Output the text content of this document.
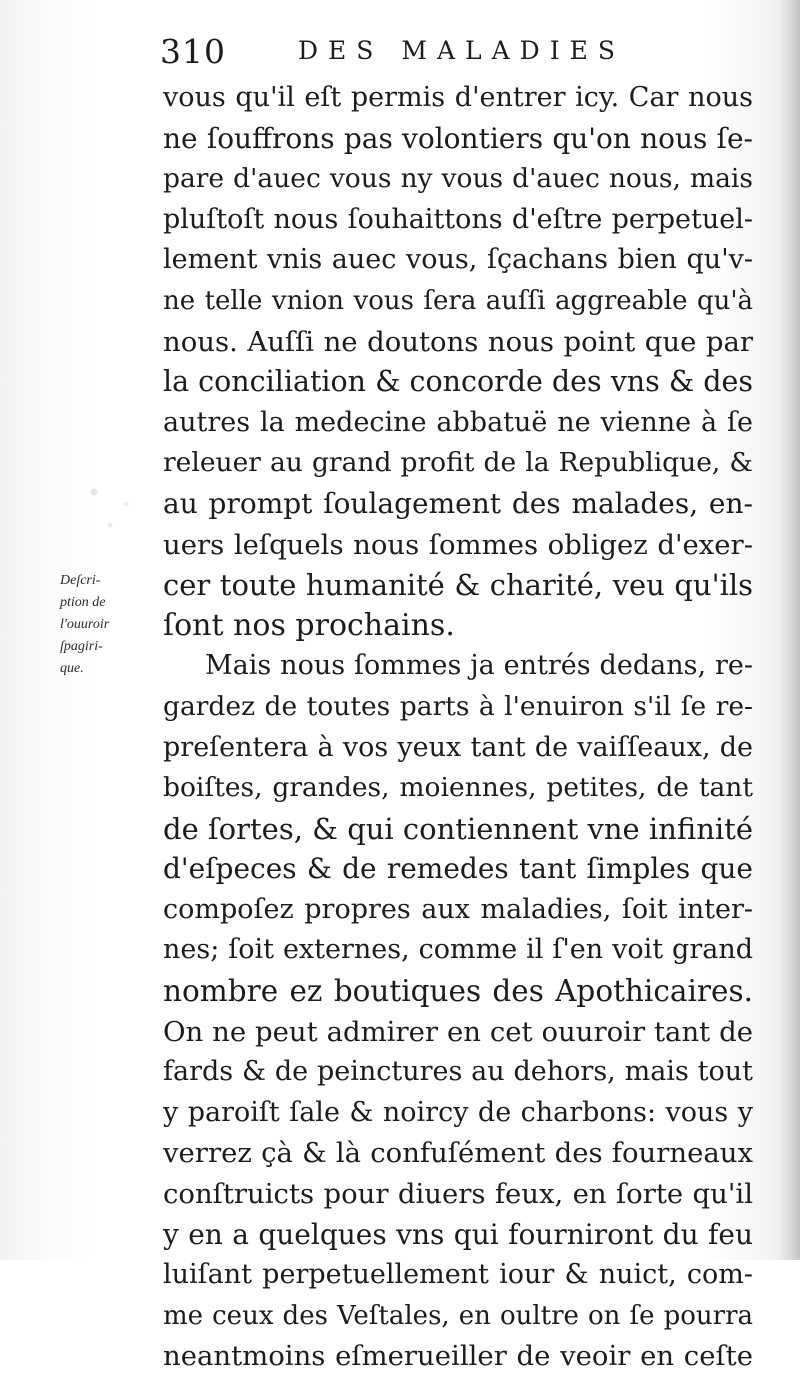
310	DES MALADIES
Deſcri-
ption de
l'ouuroir
ſpagiri-
que.
vous qu'il eſt permis d'entrer icy. Car nous
ne ſouffrons pas volontiers qu'on nous ſe-
pare d'auec vous ny vous d'auec nous, mais
pluſtoſt nous ſouhaittons d'eſtre perpetuel-
lement vnis auec vous, ſçachans bien qu'v-
ne telle vnion vous ſera auſſi aggreable qu'à
nous. Auſſi ne doutons nous point que par
la conciliation & concorde des vns & des
autres la medecine abbatuë ne vienne à ſe
releuer au grand profit de la Republique, &
au prompt ſoulagement des malades, en-
uers leſquels nous ſommes obligez d'exer-
cer toute humanité & charité, veu qu'ils
ſont nos prochains.
Mais nous ſommes ja entrés dedans, re-
gardez de toutes parts à l'enuiron s'il ſe re-
preſentera à vos yeux tant de vaiſſeaux, de
boiſtes, grandes, moiennes, petites, de tant
de ſortes, & qui contiennent vne infinité
d'eſpeces & de remedes tant ſimples que
compoſez propres aux maladies, ſoit inter-
nes; ſoit externes, comme il ſ'en voit grand
nombre ez boutiques des Apothicaires.
On ne peut admirer en cet ouuroir tant de
fards & de peinctures au dehors, mais tout
y paroiſt ſale & noircy de charbons: vous y
verrez çà & là confuſément des fourneaux
conſtruicts pour diuers feux, en ſorte qu'il
y en a quelques vns qui fourniront du feu
luiſant perpetuellement iour & nuict, com-
me ceux des Veſtales, en oultre on ſe pourra
neantmoins eſmerueiller de veoir en ceſte
